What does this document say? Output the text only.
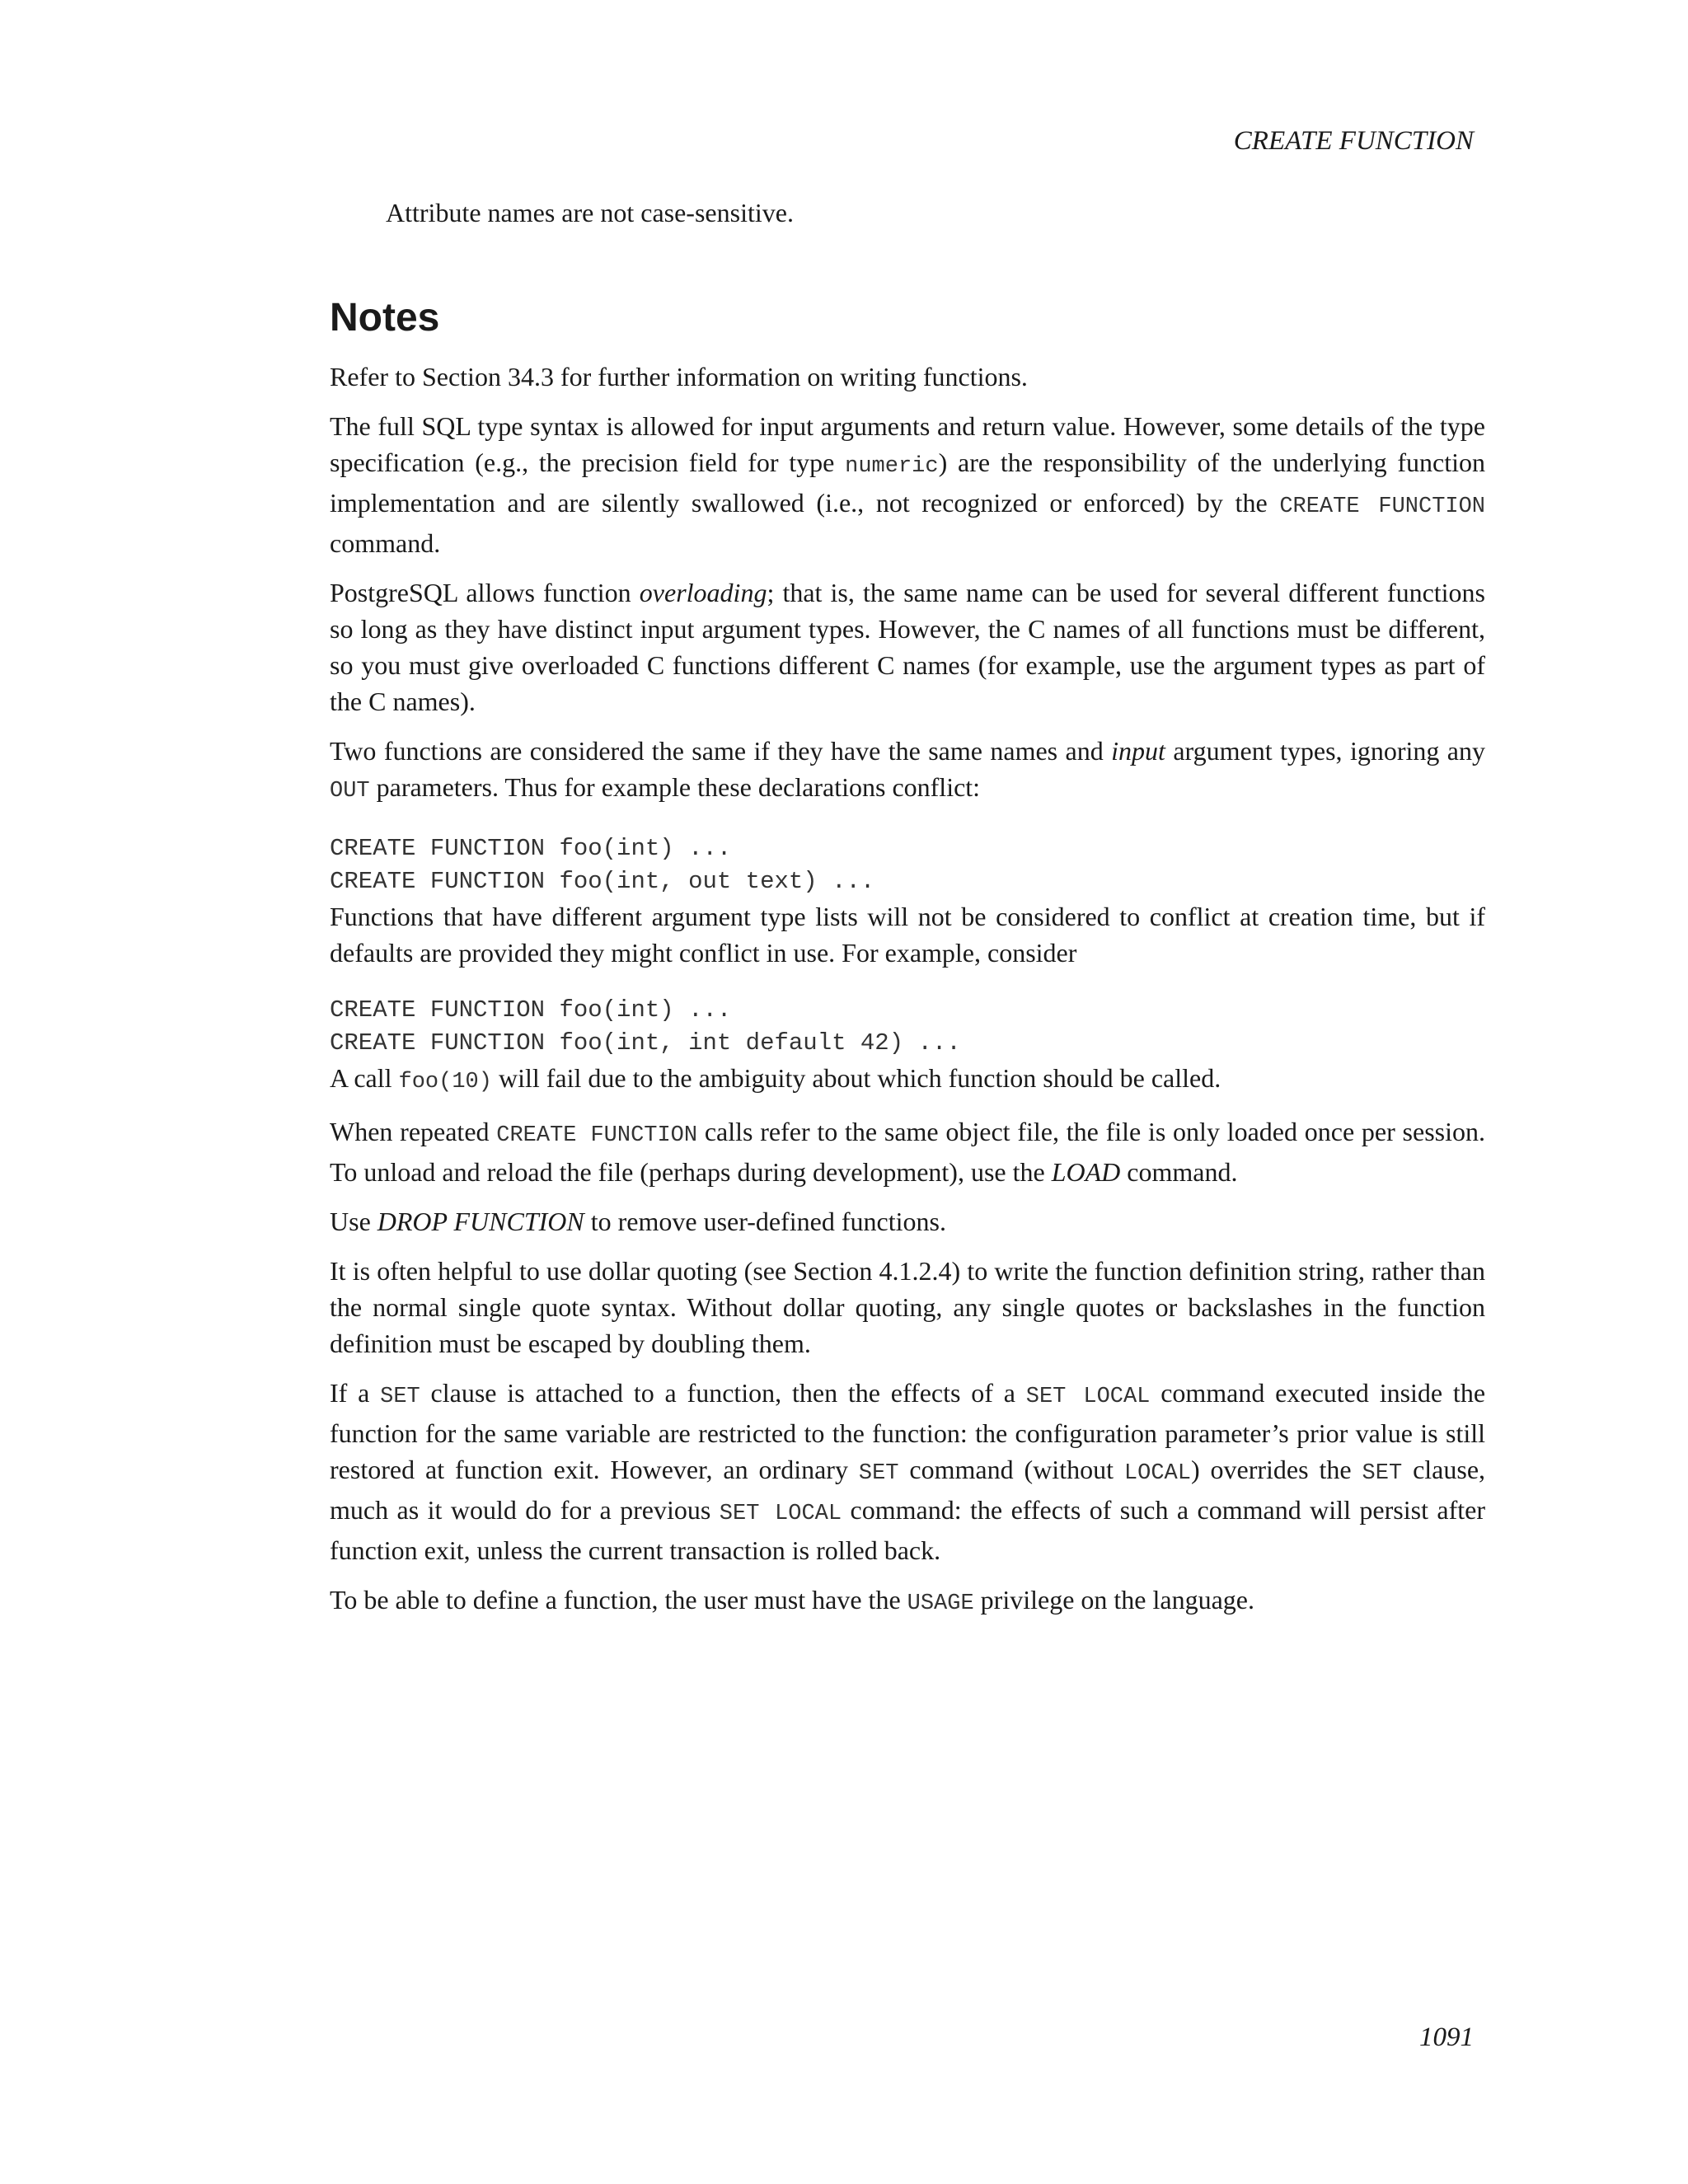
CREATE FUNCTION

Attribute names are not case-sensitive.

Notes

Refer to Section 34.3 for further information on writing functions.

The full SQL type syntax is allowed for input arguments and return value. However, some details of the type specification (e.g., the precision field for type numeric) are the responsibility of the underlying function implementation and are silently swallowed (i.e., not recognized or enforced) by the CREATE FUNCTION command.

PostgreSQL allows function overloading; that is, the same name can be used for several different functions so long as they have distinct input argument types. However, the C names of all functions must be different, so you must give overloaded C functions different C names (for example, use the argument types as part of the C names).

Two functions are considered the same if they have the same names and input argument types, ignoring any OUT parameters. Thus for example these declarations conflict:

CREATE FUNCTION foo(int) ...
CREATE FUNCTION foo(int, out text) ...

Functions that have different argument type lists will not be considered to conflict at creation time, but if defaults are provided they might conflict in use. For example, consider

CREATE FUNCTION foo(int) ...
CREATE FUNCTION foo(int, int default 42) ...

A call foo(10) will fail due to the ambiguity about which function should be called.

When repeated CREATE FUNCTION calls refer to the same object file, the file is only loaded once per session. To unload and reload the file (perhaps during development), use the LOAD command.

Use DROP FUNCTION to remove user-defined functions.

It is often helpful to use dollar quoting (see Section 4.1.2.4) to write the function definition string, rather than the normal single quote syntax. Without dollar quoting, any single quotes or backslashes in the function definition must be escaped by doubling them.

If a SET clause is attached to a function, then the effects of a SET LOCAL command executed inside the function for the same variable are restricted to the function: the configuration parameter’s prior value is still restored at function exit. However, an ordinary SET command (without LOCAL) overrides the SET clause, much as it would do for a previous SET LOCAL command: the effects of such a command will persist after function exit, unless the current transaction is rolled back.

To be able to define a function, the user must have the USAGE privilege on the language.

1091
